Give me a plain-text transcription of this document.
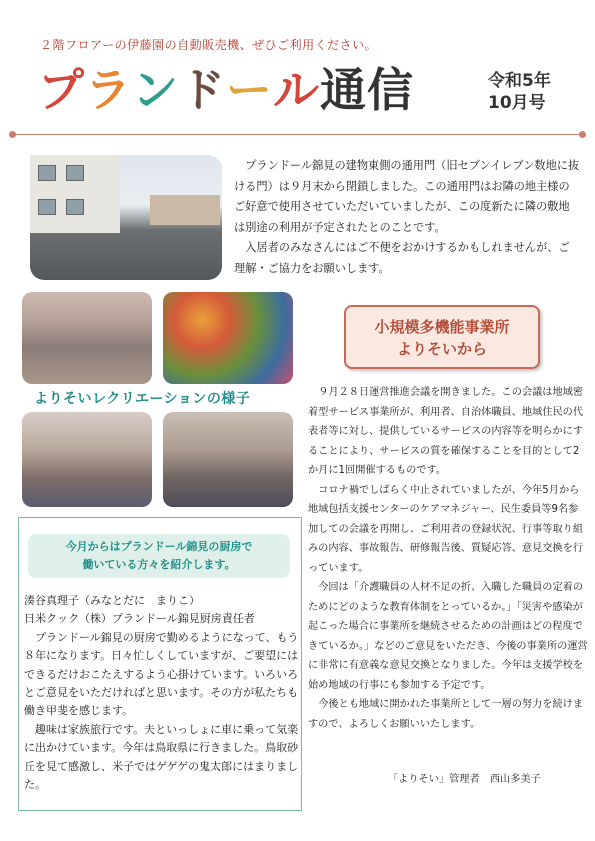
２階フロアーの伊藤園の自動販売機、ぜひご利用ください。
プランドール通信	令和5年
10月号

プランドール錦見の建物東側の通用門（旧セブンイレブン数地に抜ける門）は９月末から閉鎖しました。この通用門はお隣の地主様のご好意で使用させていただいていましたが、この度新たに隣の敷地は別途の利用が予定されたとのことです。

入居者のみなさんにはご不便をおかけするかもしれませんが、ご理解・ご協力をお願いします。

よりそいレクリエーションの様子
小規模多機能事業所
よりそいから

９月２８日運営推進会議を開きました。この会議は地域密着型サービス事業所が、利用者、自治体職員、地域住民の代表者等に対し、提供しているサービスの内容等を明らかにすることにより、サービスの質を確保することを目的として2か月に1回開催するものです。

コロナ禍でしばらく中止されていましたが、今年5月から地域包括支援センターのケアマネジャー、民生委員等9名参加しての会議を再開し、ご利用者の登録状況、行事等取り組みの内容、事故報告、研修報告後、質疑応答、意見交換を行っています。

今回は「介護職員の人材不足の折、入職した職員の定着のためにどのような教育体制をとっているか。」「災害や感染が起こった場合に事業所を継続させるための計画はどの程度できているか。」などのご意見をいただき、今後の事業所の運営に非常に有意義な意見交換となりました。今年は支援学校を始め地域の行事にも参加する予定です。

今後とも地域に開かれた事業所として一層の努力を続けますので、よろしくお願いいたします。

「よりそい」管理者　西山多美子
今月からはプランドール錦見の厨房で
働いている方々を紹介します。
湊谷真理子（みなとだに　まりこ）
日米クック（株）プランドール錦見厨房責任者

プランドール錦見の厨房で勤めるようになって、もう８年になります。日々忙しくしていますが、ご要望にはできるだけおこたえするよう心掛けています。いろいろとご意見をいただければと思います。その方が私たちも働き甲斐を感じます。

趣味は家族旅行です。夫といっしょに車に乗って気楽に出かけています。今年は鳥取県に行きました。鳥取砂丘を見て感激し、米子ではゲゲゲの鬼太郎にはまりました。
